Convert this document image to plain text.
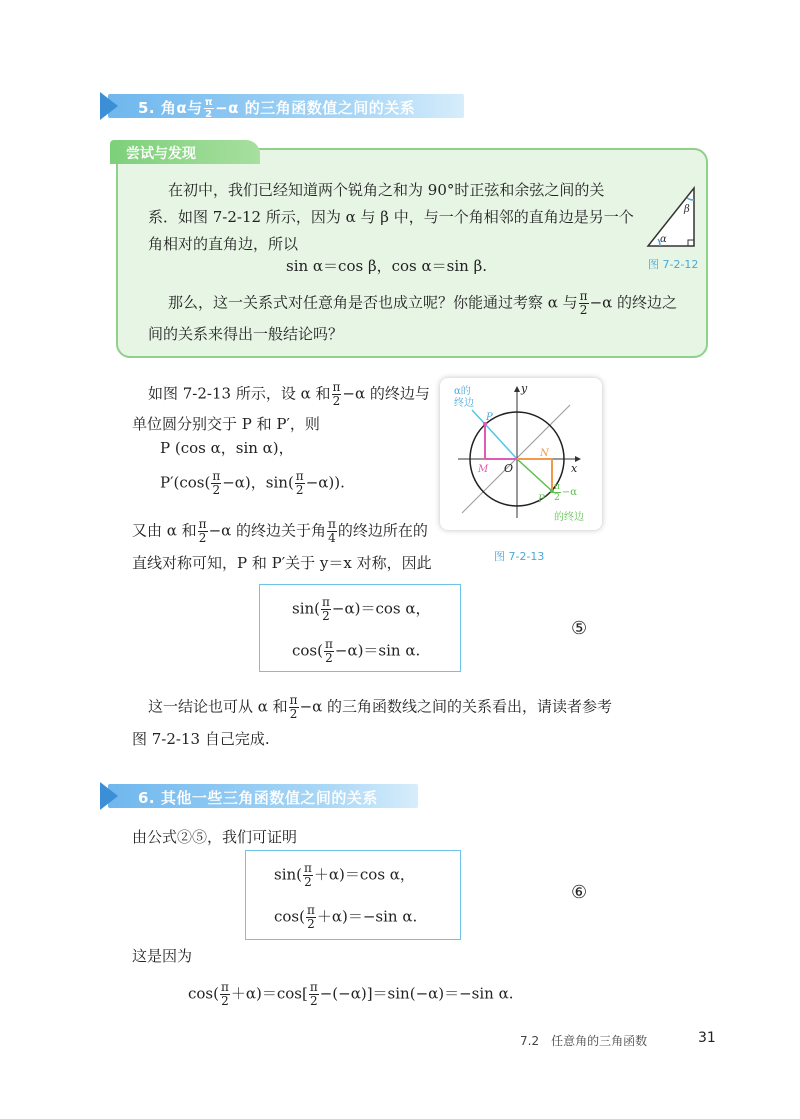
5. 角α与 $\frac{\pi}{2} -\alpha$ 的三角函数值之间的关系
尝试与发现
在初中，我们已经知道两个锐角之和为 90°时正弦和余弦之间的关
系．如图 7-2-12 所示，因为 α 与 β 中，与一个角相邻的直角边是另一个
角相对的直角边，所以
sin α＝cos β，cos α＝sin β.
那么，这一关系式对任意角是否也成立呢？你能通过考察 α 与 $\frac{\pi}{2} -\alpha$ 的终边之
间的关系来得出一般结论吗？
α
β
图 7-2-12
如图 7-2-13 所示，设 α 和 $\frac{\pi}{2} -\alpha$ 的终边与
单位圆分别交于 P 和 P′，则
P (cos α，sin α)，
$P'(\cos( \frac{\pi}{2} -\alpha)$，$\sin( \frac{\pi}{2} -\alpha)$).
又由 α 和 $\frac{\pi}{2} -\alpha$ 的终边关于角 $\frac{\pi}{4}$ 的终边所在的
直线对称可知，P 和 P′关于 y＝x 对称，因此
α的
终边
y
x
O
M
N
P
$P' \frac{\pi}{2} -\alpha$
的终边
图 7-2-13
$\sin( \frac{\pi}{2} -\alpha)=\cos$ α，
$\cos( \frac{\pi}{2} -\alpha)=\sin$ α.
⑤
这一结论也可从 α 和 $\frac{\pi}{2} -\alpha$ 的三角函数线之间的关系看出，请读者参考
图 7-2-13 自己完成.
6. 其他一些三角函数值之间的关系
由公式②⑤，我们可证明
$\sin( \frac{\pi}{2} +\alpha)=\cos$ α，
$\cos( \frac{\pi}{2} +\alpha)=-\sin$ α.
⑥
这是因为
$\cos( \frac{\pi}{2} +\alpha)=\cos[ \frac{\pi}{2} -(-\alpha)]=\sin(-\alpha)=-\sin$ α.
7.2　任意角的三角函数	31
